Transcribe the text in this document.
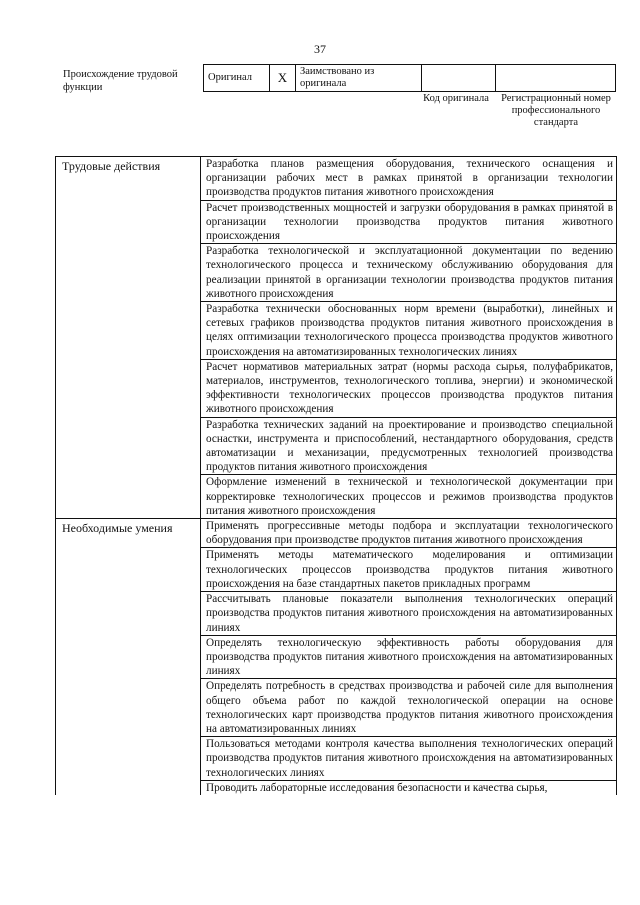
37
Происхождение трудовой функции
Оригинал	X	Заимствовано из оригинала		
Код оригинала	Регистрационный номер профессионального стандарта
Трудовые действия	Разработка планов размещения оборудования, технического оснащения и организации рабочих мест в рамках принятой в организации технологии производства продуктов питания животного происхождения
	Расчет производственных мощностей и загрузки оборудования в рамках принятой в организации технологии производства продуктов питания животного происхождения
	Разработка технологической и эксплуатационной документации по ведению технологического процесса и техническому обслуживанию оборудования для реализации принятой в организации технологии производства продуктов питания животного происхождения
	Разработка технически обоснованных норм времени (выработки), линейных и сетевых графиков производства продуктов питания животного происхождения в целях оптимизации технологического процесса производства продуктов животного происхождения на автоматизированных технологических линиях
	Расчет нормативов материальных затрат (нормы расхода сырья, полуфабрикатов, материалов, инструментов, технологического топлива, энергии) и экономической эффективности технологических процессов производства продуктов питания животного происхождения
	Разработка технических заданий на проектирование и производство специальной оснастки, инструмента и приспособлений, нестандартного оборудования, средств автоматизации и механизации, предусмотренных технологией производства продуктов питания животного происхождения
	Оформление изменений в технической и технологической документации при корректировке технологических процессов и режимов производства продуктов питания животного происхождения
Необходимые умения	Применять прогрессивные методы подбора и эксплуатации технологического оборудования при производстве продуктов питания животного происхождения
	Применять методы математического моделирования и оптимизации технологических процессов производства продуктов питания животного происхождения на базе стандартных пакетов прикладных программ
	Рассчитывать плановые показатели выполнения технологических операций производства продуктов питания животного происхождения на автоматизированных линиях
	Определять технологическую эффективность работы оборудования для производства продуктов питания животного происхождения на автоматизированных линиях
	Определять потребность в средствах производства и рабочей силе для выполнения общего объема работ по каждой технологической операции на основе технологических карт производства продуктов питания животного происхождения на автоматизированных линиях
	Пользоваться методами контроля качества выполнения технологических операций производства продуктов питания животного происхождения на автоматизированных технологических линиях
	Проводить лабораторные исследования безопасности и качества сырья,
